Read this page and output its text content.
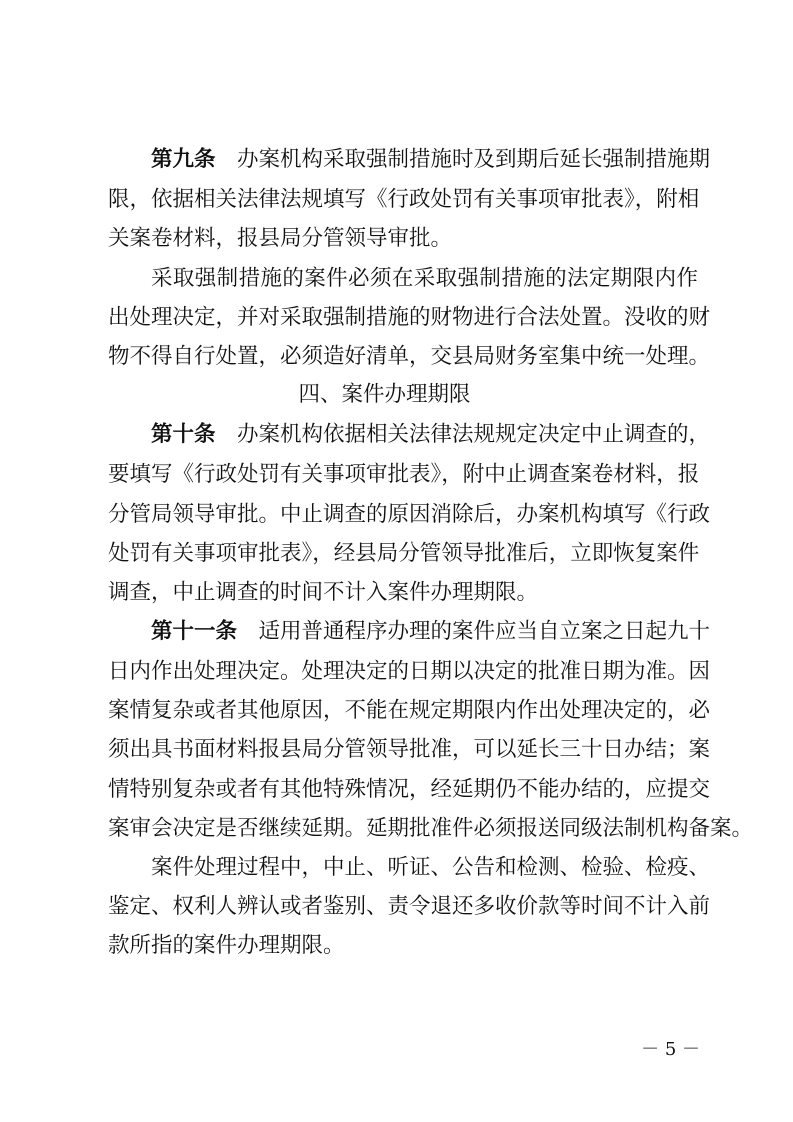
第九条　 办案机构采取强制措施时及到期后延长强制措施期
限，依据相关法律法规填写《行政处罚有关事项审批表》，附相
关案卷材料，报县局分管领导审批。
采取强制措施的案件必须在采取强制措施的法定期限内作
出处理决定，并对采取强制措施的财物进行合法处置。没收的财
物不得自行处置，必须造好清单，交县局财务室集中统一处理。
四、案件办理期限
第十条　 办案机构依据相关法律法规规定决定中止调查的，
要填写《行政处罚有关事项审批表》，附中止调查案卷材料，报
分管局领导审批。中止调查的原因消除后，办案机构填写《行政
处罚有关事项审批表》，经县局分管领导批准后，立即恢复案件
调查，中止调查的时间不计入案件办理期限。
第十一条　 适用普通程序办理的案件应当自立案之日起九十
日内作出处理决定。处理决定的日期以决定的批准日期为准。因
案情复杂或者其他原因，不能在规定期限内作出处理决定的，必
须出具书面材料报县局分管领导批准，可以延长三十日办结；案
情特别复杂或者有其他特殊情况，经延期仍不能办结的，应提交
案审会决定是否继续延期。延期批准件必须报送同级法制机构备案。
案件处理过程中，中止、听证、公告和检测、检验、检疫、
鉴定、权利人辨认或者鉴别、责令退还多收价款等时间不计入前
款所指的案件办理期限。
－ 5 －
